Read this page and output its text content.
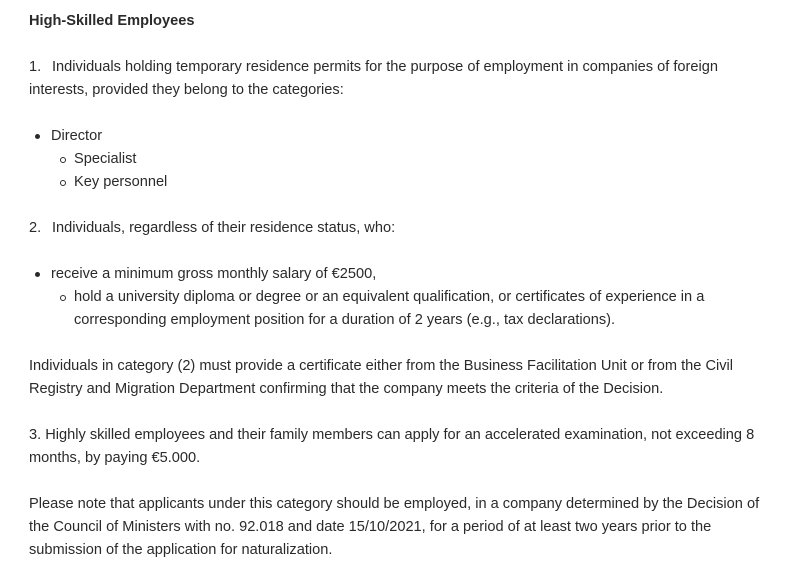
High-Skilled Employees
1. Individuals holding temporary residence permits for the purpose of employment in companies of foreign interests, provided they belong to the categories:
Director
Specialist
Key personnel
2. Individuals, regardless of their residence status, who:
receive a minimum gross monthly salary of €2500,
hold a university diploma or degree or an equivalent qualification, or certificates of experience in a corresponding employment position for a duration of 2 years (e.g., tax declarations).

Individuals in category (2) must provide a certificate either from the Business Facilitation Unit or from the Civil Registry and Migration Department confirming that the company meets the criteria of the Decision.

3. Highly skilled employees and their family members can apply for an accelerated examination, not exceeding 8 months, by paying €5.000.

Please note that applicants under this category should be employed, in a company determined by the Decision of the Council of Ministers with no. 92.018 and date 15/10/2021, for a period of at least two years prior to the submission of the application for naturalization.
